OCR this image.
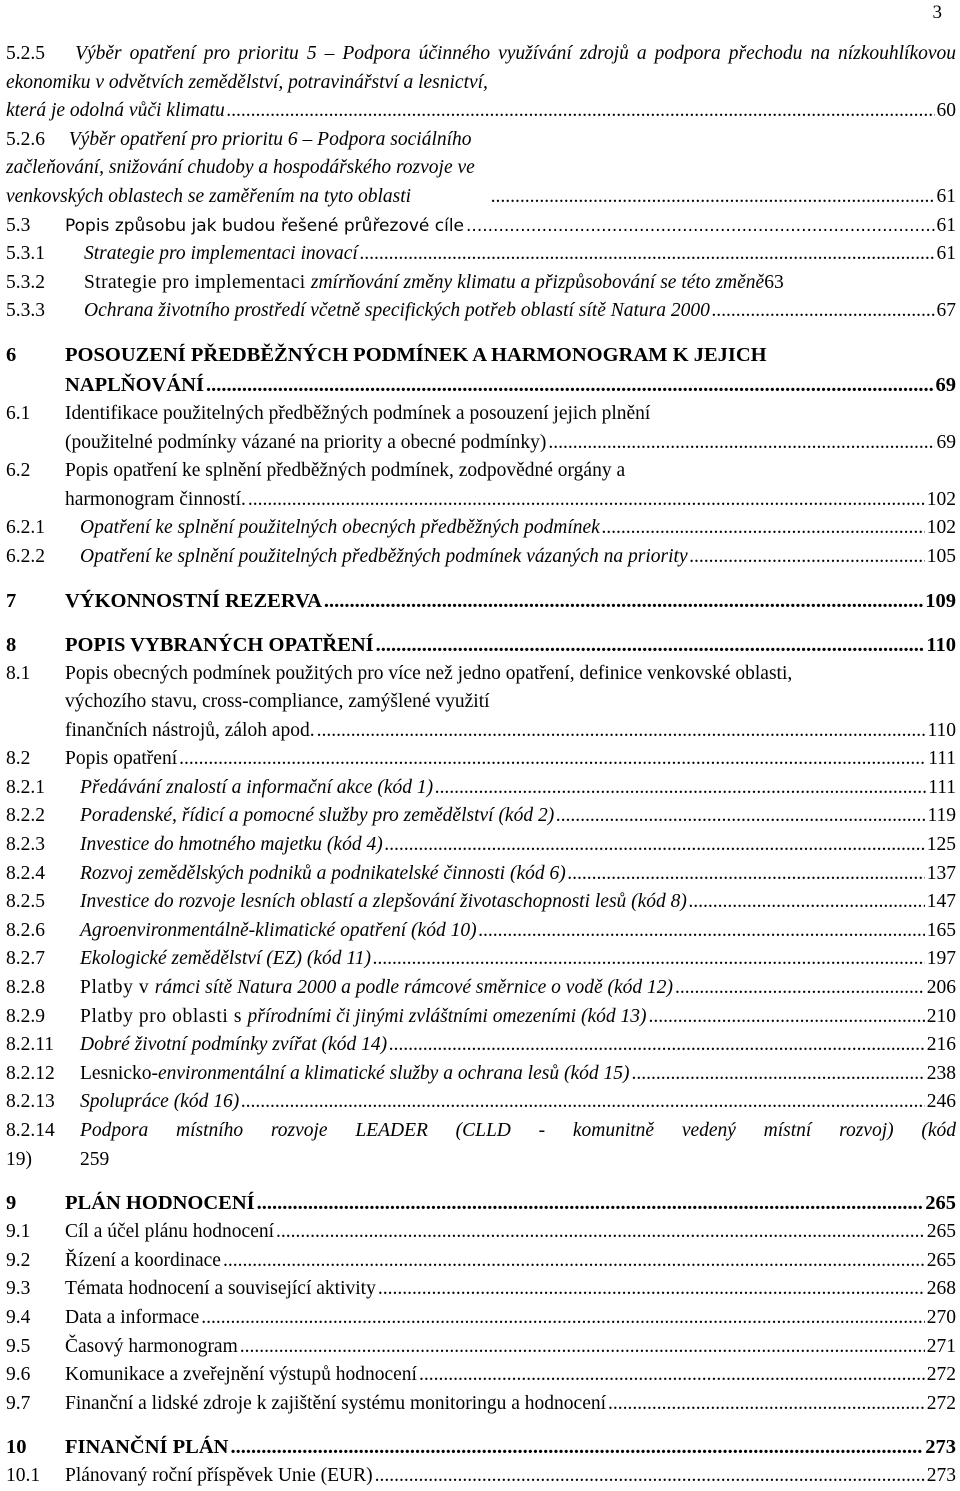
3
5.2.5 Výběr opatření pro prioritu 5 – Podpora účinného využívání zdrojů a podpora přechodu na nízkouhlíkovou ekonomiku v odvětvích zemědělství, potravinářství a lesnictví,
která je odolná vůči klimatu .....	60
5.2.6 Výběr opatření pro prioritu 6 – Podpora sociálního začleňování, snižování chudoby a hospodářského rozvoje ve venkovských oblastech se zaměřením na tyto oblasti .....	61
5.3 Popis způsobu jak budou řešené průřezové cíle .....	61
5.3.1 Strategie pro implementaci inovací .....	61
5.3.2 Strategie pro implementaci zmírňování změny klimatu a přizpůsobování se této změně 63
5.3.3 Ochrana životního prostředí včetně specifických potřeb oblastí sítě Natura 2000 .....	67
6	POSOUZENÍ PŘEDBĚŽNÝCH PODMÍNEK A HARMONOGRAM K JEJICH
NAPLŇOVÁNÍ .....	69
6.1	Identifikace použitelných předběžných podmínek a posouzení jejich plnění
(použitelné podmínky vázané na priority a obecné podmínky) .....	69
6.2	Popis opatření ke splnění předběžných podmínek, zodpovědné orgány a
harmonogram činností. .....	102
6.2.1 Opatření ke splnění použitelných obecných předběžných podmínek .....	102
6.2.2 Opatření ke splnění použitelných předběžných podmínek vázaných na priority .....	105
7 VÝKONNOSTNÍ REZERVA .....	109
8 POPIS VYBRANÝCH OPATŘENÍ .....	110
8.1	Popis obecných podmínek použitých pro více než jedno opatření, definice venkovské oblasti, výchozího stavu, cross-compliance, zamýšlené využití
finančních nástrojů, záloh apod. .....	110
8.2 Popis opatření .....	111
8.2.1 Předávání znalostí a informační akce (kód 1) .....	111
8.2.2 Poradenské, řídicí a pomocné služby pro zemědělství (kód 2) .....	119
8.2.3 Investice do hmotného majetku (kód 4) .....	125
8.2.4 Rozvoj zemědělských podniků a podnikatelské činnosti (kód 6) .....	137
8.2.5 Investice do rozvoje lesních oblastí a zlepšování životaschopnosti lesů (kód 8) .....	147
8.2.6 Agroenvironmentálně-klimatické opatření (kód 10) .....	165
8.2.7 Ekologické zemědělství (EZ) (kód 11) .....	197
8.2.8 Platby v rámci sítě Natura 2000 a podle rámcové směrnice o vodě (kód 12) .....	206
8.2.9 Platby pro oblasti s přírodními či jinými zvláštními omezeními (kód 13) .....	210
8.2.11 Dobré životní podmínky zvířat (kód 14) .....	216
8.2.12 Lesnicko-environmentální a klimatické služby a ochrana lesů (kód 15) .....	238
8.2.13 Spolupráce (kód 16) .....	246
8.2.14	Podpora místního rozvoje LEADER (CLLD - komunitně vedený místní rozvoj) (kód
19)	259
9 PLÁN HODNOCENÍ .....	265
9.1 Cíl a účel plánu hodnocení .....	265
9.2 Řízení a koordinace .....	265
9.3 Témata hodnocení a související aktivity .....	268
9.4 Data a informace .....	270
9.5 Časový harmonogram .....	271
9.6 Komunikace a zveřejnění výstupů hodnocení .....	272
9.7 Finanční a lidské zdroje k zajištění systému monitoringu a hodnocení .....	272
10 FINANČNÍ PLÁN .....	273
10.1 Plánovaný roční příspěvek Unie (EUR) .....	273
